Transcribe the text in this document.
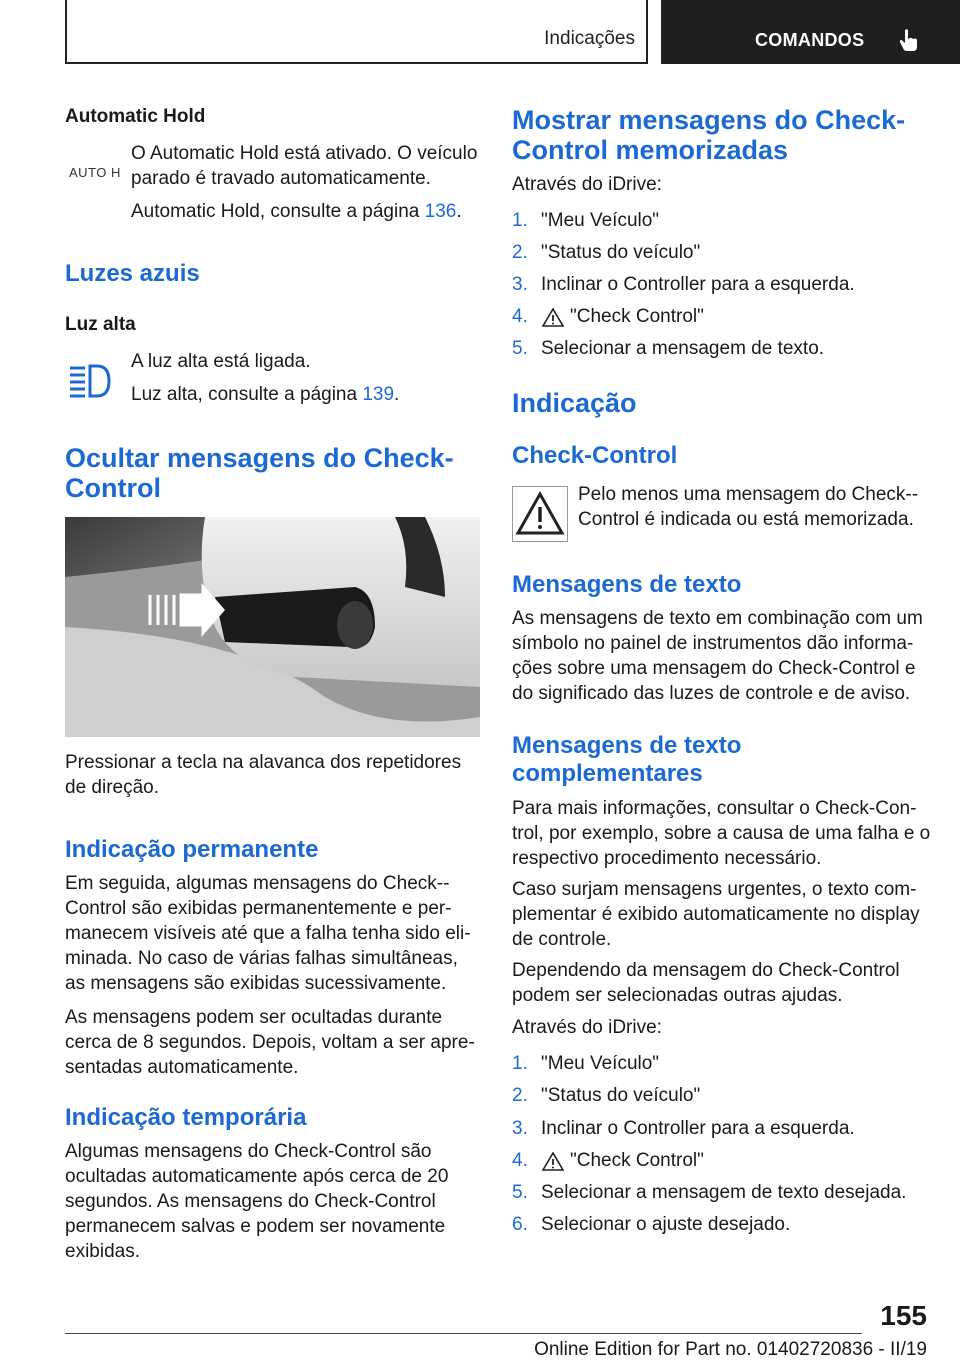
Indicações	COMANDOS
Automatic Hold
AUTO H

O Automatic Hold está ativado. O veículo parado é travado automaticamente.

Automatic Hold, consulte a página 136.

Luzes azuis
Luz alta

A luz alta está ligada.

Luz alta, consulte a página 139.

Ocultar mensagens do Check-Control

Pressionar a tecla na alavanca dos repetidores de direção.

Indicação permanente

Em seguida, algumas mensagens do Check--Control são exibidas permanentemente e per-manecem visíveis até que a falha tenha sido eli-minada. No caso de várias falhas simultâneas, as mensagens são exibidas sucessivamente.

As mensagens podem ser ocultadas durante cerca de 8 segundos. Depois, voltam a ser apre-sentadas automaticamente.

Indicação temporária

Algumas mensagens do Check-Control são ocultadas automaticamente após cerca de 20 segundos. As mensagens do Check-Control permanecem salvas e podem ser novamente exibidas.

Mostrar mensagens do Check-Control memorizadas

Através do iDrive:

1. "Meu Veículo"
2. "Status do veículo"
3. Inclinar o Controller para a esquerda.
4. "Check Control"
5. Selecionar a mensagem de texto.
Indicação
Check-Control

Pelo menos uma mensagem do Check--Control é indicada ou está memorizada.

Mensagens de texto

As mensagens de texto em combinação com um símbolo no painel de instrumentos dão informa-ções sobre uma mensagem do Check-Control e do significado das luzes de controle e de aviso.

Mensagens de texto complementares

Para mais informações, consultar o Check-Con-trol, por exemplo, sobre a causa de uma falha e o respectivo procedimento necessário.

Caso surjam mensagens urgentes, o texto com-plementar é exibido automaticamente no display de controle.

Dependendo da mensagem do Check-Control podem ser selecionadas outras ajudas.

Através do iDrive:

1. "Meu Veículo"
2. "Status do veículo"
3. Inclinar o Controller para a esquerda.
4. "Check Control"
5. Selecionar a mensagem de texto desejada.
6. Selecionar o ajuste desejado.
155
Online Edition for Part no. 01402720836 - II/19
